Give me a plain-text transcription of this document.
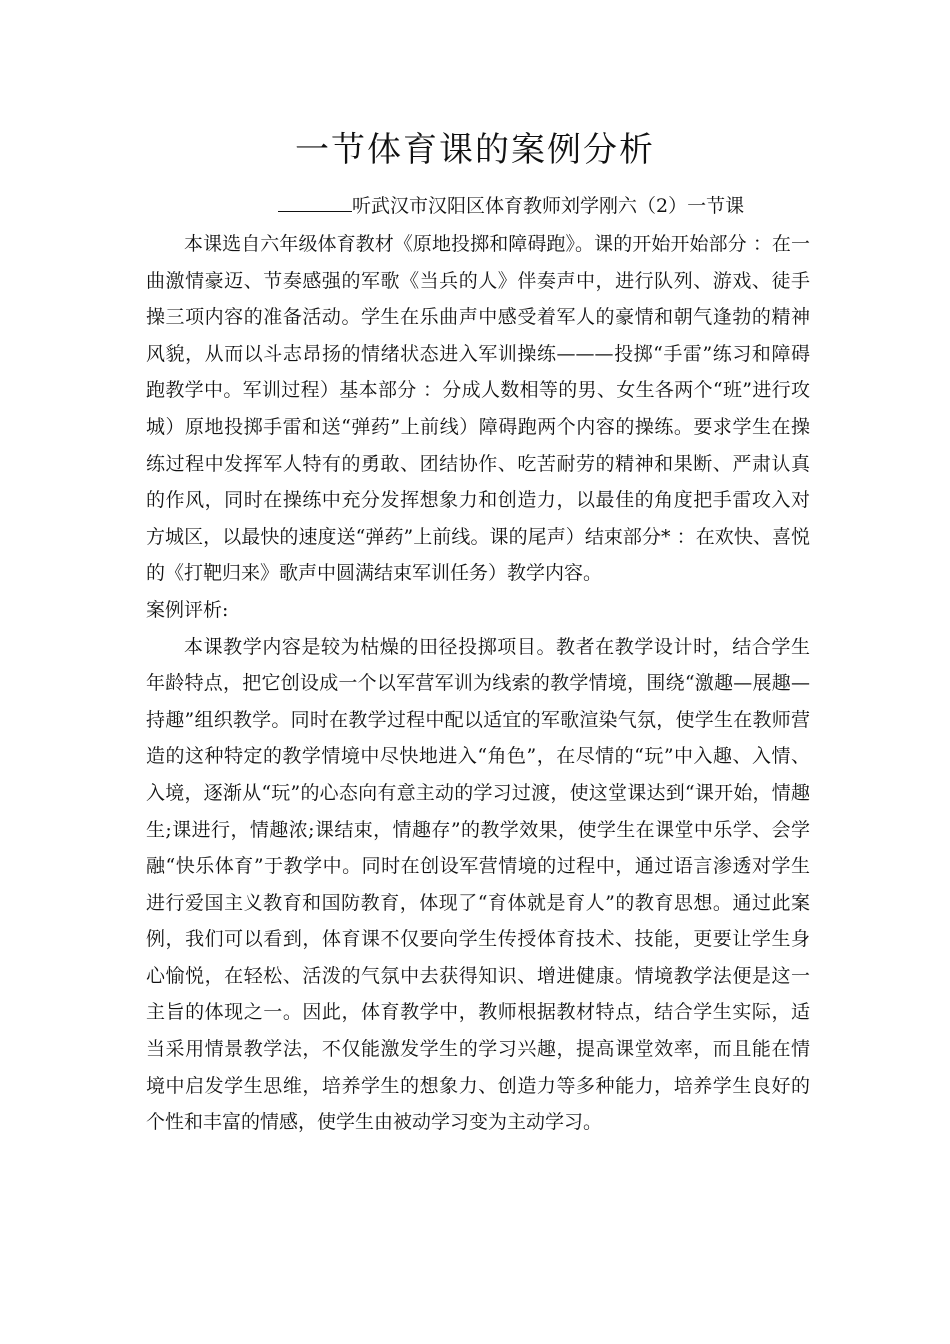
一节体育课的案例分析
听武汉市汉阳区体育教师刘学刚六（2）一节课

本课选自六年级体育教材《原地投掷和障碍跑》。课的开始开始部分 ：在一曲激情豪迈、节奏感强的军歌《当兵的人》伴奏声中，进行队列、游戏、徒手操三项内容的准备活动。学生在乐曲声中感受着军人的豪情和朝气逢勃的精神风貌，从而以斗志昂扬的情绪状态进入军训操练———投掷“手雷”练习和障碍跑教学中。军训过程）基本部分 ：分成人数相等的男、女生各两个“班”进行攻城）原地投掷手雷和送“弹药”上前线）障碍跑两个内容的操练。要求学生在操练过程中发挥军人特有的勇敢、团结协作、吃苦耐劳的精神和果断、严肃认真的作风，同时在操练中充分发挥想象力和创造力，以最佳的角度把手雷攻入对方城区，以最快的速度送“弹药”上前线。课的尾声）结束部分* ：在欢快、喜悦的《打靶归来》歌声中圆满结束军训任务）教学内容。

案例评析:

本课教学内容是较为枯燥的田径投掷项目。教者在教学设计时，结合学生年龄特点，把它创设成一个以军营军训为线索的教学情境，围绕“激趣—展趣—持趣”组织教学。同时在教学过程中配以适宜的军歌渲染气氛，使学生在教师营造的这种特定的教学情境中尽快地进入“角色”，在尽情的“玩”中入趣、入情、入境，逐渐从“玩”的心态向有意主动的学习过渡，使这堂课达到“课开始，情趣生;课进行，情趣浓;课结束，情趣存”的教学效果，使学生在课堂中乐学、会学融“快乐体育”于教学中。同时在创设军营情境的过程中，通过语言渗透对学生进行爱国主义教育和国防教育，体现了“育体就是育人”的教育思想。通过此案例，我们可以看到，体育课不仅要向学生传授体育技术、技能，更要让学生身心愉悦，在轻松、活泼的气氛中去获得知识、增进健康。情境教学法便是这一主旨的体现之一。因此，体育教学中，教师根据教材特点，结合学生实际，适当采用情景教学法，不仅能激发学生的学习兴趣，提高课堂效率，而且能在情境中启发学生思维，培养学生的想象力、创造力等多种能力，培养学生良好的个性和丰富的情感，使学生由被动学习变为主动学习。
